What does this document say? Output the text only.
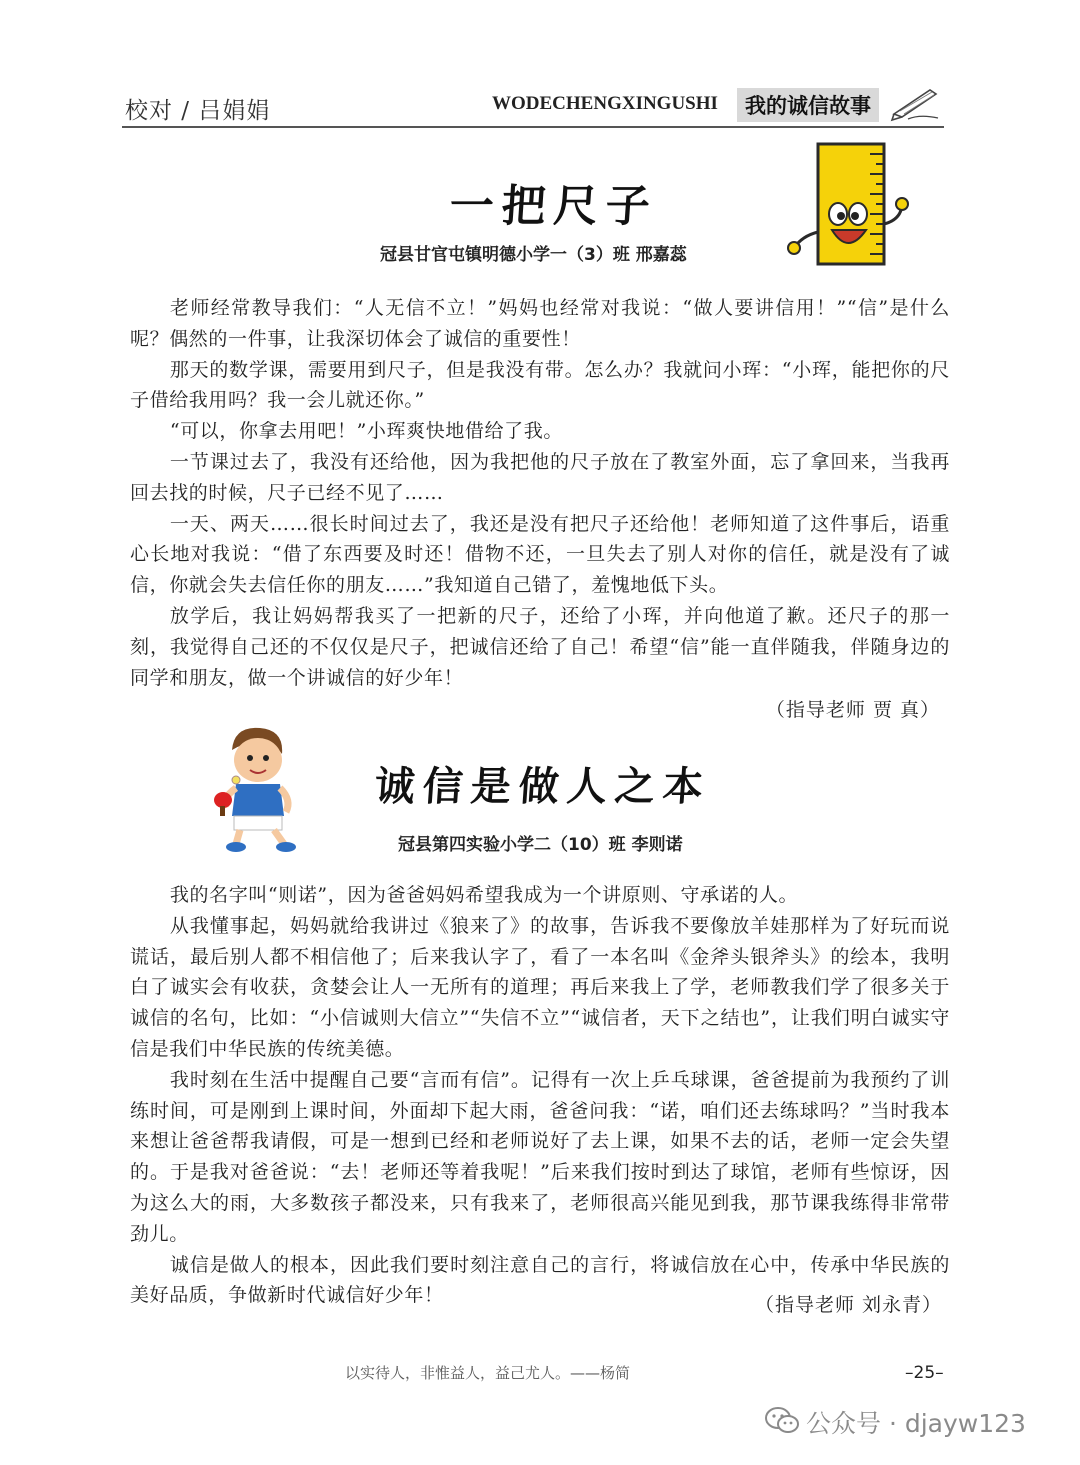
校对 / 吕娟娟	WODECHENGXINGUSHI	我的诚信故事
一把尺子
冠县甘官屯镇明德小学一（3）班 邢嘉蕊

老师经常教导我们：“人无信不立！”妈妈也经常对我说：“做人要讲信用！”“信”是什么呢？偶然的一件事，让我深切体会了诚信的重要性！

那天的数学课，需要用到尺子，但是我没有带。怎么办？我就问小珲：“小珲，能把你的尺子借给我用吗？我一会儿就还你。”

“可以，你拿去用吧！”小珲爽快地借给了我。

一节课过去了，我没有还给他，因为我把他的尺子放在了教室外面，忘了拿回来，当我再回去找的时候，尺子已经不见了……

一天、两天……很长时间过去了，我还是没有把尺子还给他！老师知道了这件事后，语重心长地对我说：“借了东西要及时还！借物不还，一旦失去了别人对你的信任，就是没有了诚信，你就会失去信任你的朋友……”我知道自己错了，羞愧地低下头。

放学后，我让妈妈帮我买了一把新的尺子，还给了小珲，并向他道了歉。还尺子的那一刻，我觉得自己还的不仅仅是尺子，把诚信还给了自己！希望“信”能一直伴随我，伴随身边的同学和朋友，做一个讲诚信的好少年！

（指导老师 贾 真）
诚信是做人之本
冠县第四实验小学二（10）班 李则诺

我的名字叫“则诺”，因为爸爸妈妈希望我成为一个讲原则、守承诺的人。

从我懂事起，妈妈就给我讲过《狼来了》的故事，告诉我不要像放羊娃那样为了好玩而说谎话，最后别人都不相信他了；后来我认字了，看了一本名叫《金斧头银斧头》的绘本，我明白了诚实会有收获，贪婪会让人一无所有的道理；再后来我上了学，老师教我们学了很多关于诚信的名句，比如：“小信诚则大信立”“失信不立”“诚信者，天下之结也”，让我们明白诚实守信是我们中华民族的传统美德。

我时刻在生活中提醒自己要“言而有信”。记得有一次上乒乓球课，爸爸提前为我预约了训练时间，可是刚到上课时间，外面却下起大雨，爸爸问我：“诺，咱们还去练球吗？”当时我本来想让爸爸帮我请假，可是一想到已经和老师说好了去上课，如果不去的话，老师一定会失望的。于是我对爸爸说：“去！老师还等着我呢！”后来我们按时到达了球馆，老师有些惊讶，因为这么大的雨，大多数孩子都没来，只有我来了，老师很高兴能见到我，那节课我练得非常带劲儿。

诚信是做人的根本，因此我们要时刻注意自己的言行，将诚信放在心中，传承中华民族的美好品质，争做新时代诚信好少年！	（指导老师 刘永青）
以实待人，非惟益人，益己尤人。——杨简	–25–
公众号 · djayw123
